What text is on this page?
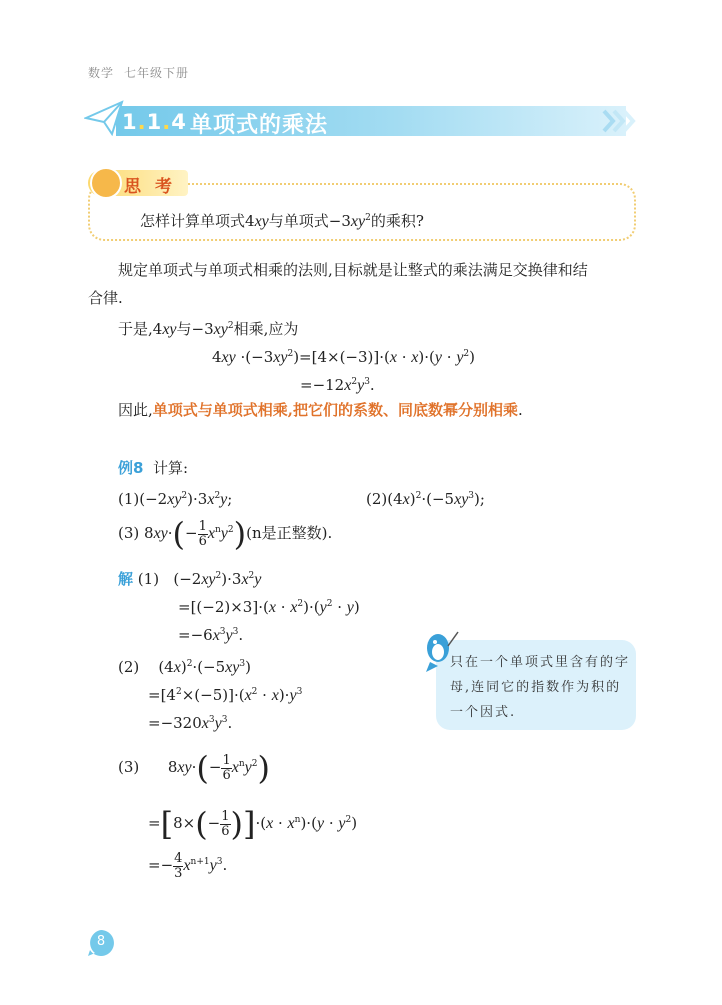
数学 七年级下册
1.1.4 单项式的乘法
思考
怎样计算单项式4xy与单项式$-3xy^2$的乘积?
规定单项式与单项式相乘的法则,目标就是让整式的乘法满足交换律和结
合律.
于是,4xy与$-3xy^2$相乘,应为
$4xy \cdot(-3xy^2)=[4\times(-3)]\cdot(x \cdot x)\cdot(y \cdot y^2)$
$=-12x^2y^3$.
因此,单项式与单项式相乘,把它们的系数、同底数幂分别相乘.
例8 计算:
$(1)(-2xy^2)\cdot 3x^2y$;	$(2)(4x)^2\cdot(-5xy^3)$;
(3) $8xy\cdot(- \frac{1}{6} x^ny^2)(n$是正整数).
解 (1)   $(-2xy^2)\cdot 3x^2y$
$=[(-2)\times 3]\cdot(x \cdot x^2)\cdot(y^2 \cdot y)$
$=-6x^3y^3$.
(2)    $(4x)^2\cdot(-5xy^3)$
$=[4^2\times(-5)]\cdot(x^2 \cdot x)\cdot y^3$
$=-320x^3y^3$.
(3)      $8xy\cdot(- \frac{1}{6} x^ny^2)$
$=[8\times(- \frac{1}{6} )]\cdot(x \cdot x^n)\cdot(y \cdot y^2)$
=− $\frac{4}{3} x^{n+1}y^3$.
只在一个单项式里含有的字母,连同它的指数作为积的一个因式.
8
